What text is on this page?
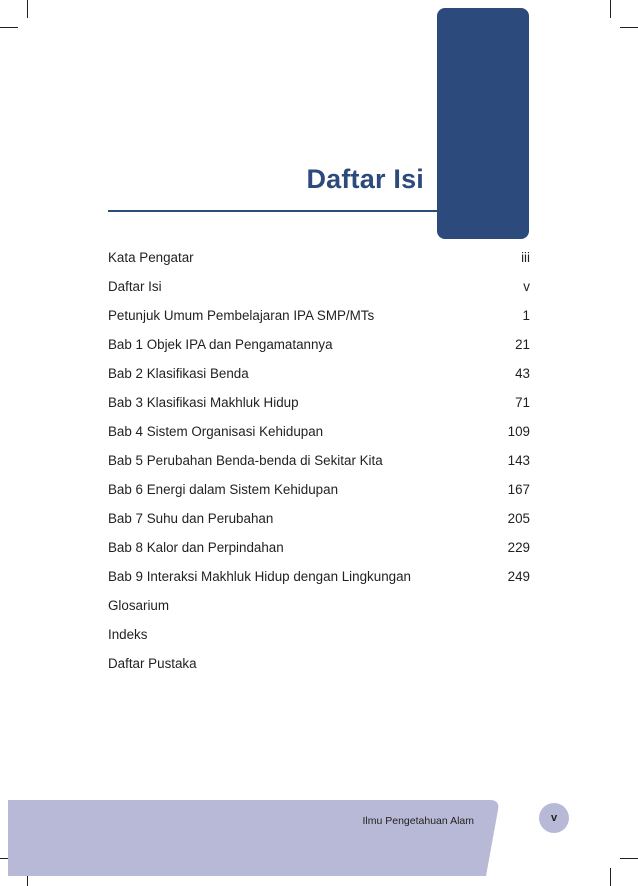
Daftar Isi
Kata Pengatar	iii
Daftar Isi	v
Petunjuk Umum Pembelajaran IPA SMP/MTs	1
Bab 1 Objek IPA dan Pengamatannya	21
Bab 2 Klasifikasi Benda	43
Bab 3 Klasifikasi Makhluk Hidup	71
Bab 4 Sistem Organisasi Kehidupan	109
Bab 5 Perubahan Benda-benda di Sekitar Kita	143
Bab 6 Energi dalam Sistem Kehidupan	167
Bab 7 Suhu dan Perubahan	205
Bab 8 Kalor dan Perpindahan	229
Bab 9 Interaksi Makhluk Hidup dengan Lingkungan	249
Glosarium
Indeks
Daftar Pustaka
Ilmu Pengetahuan Alam	v
